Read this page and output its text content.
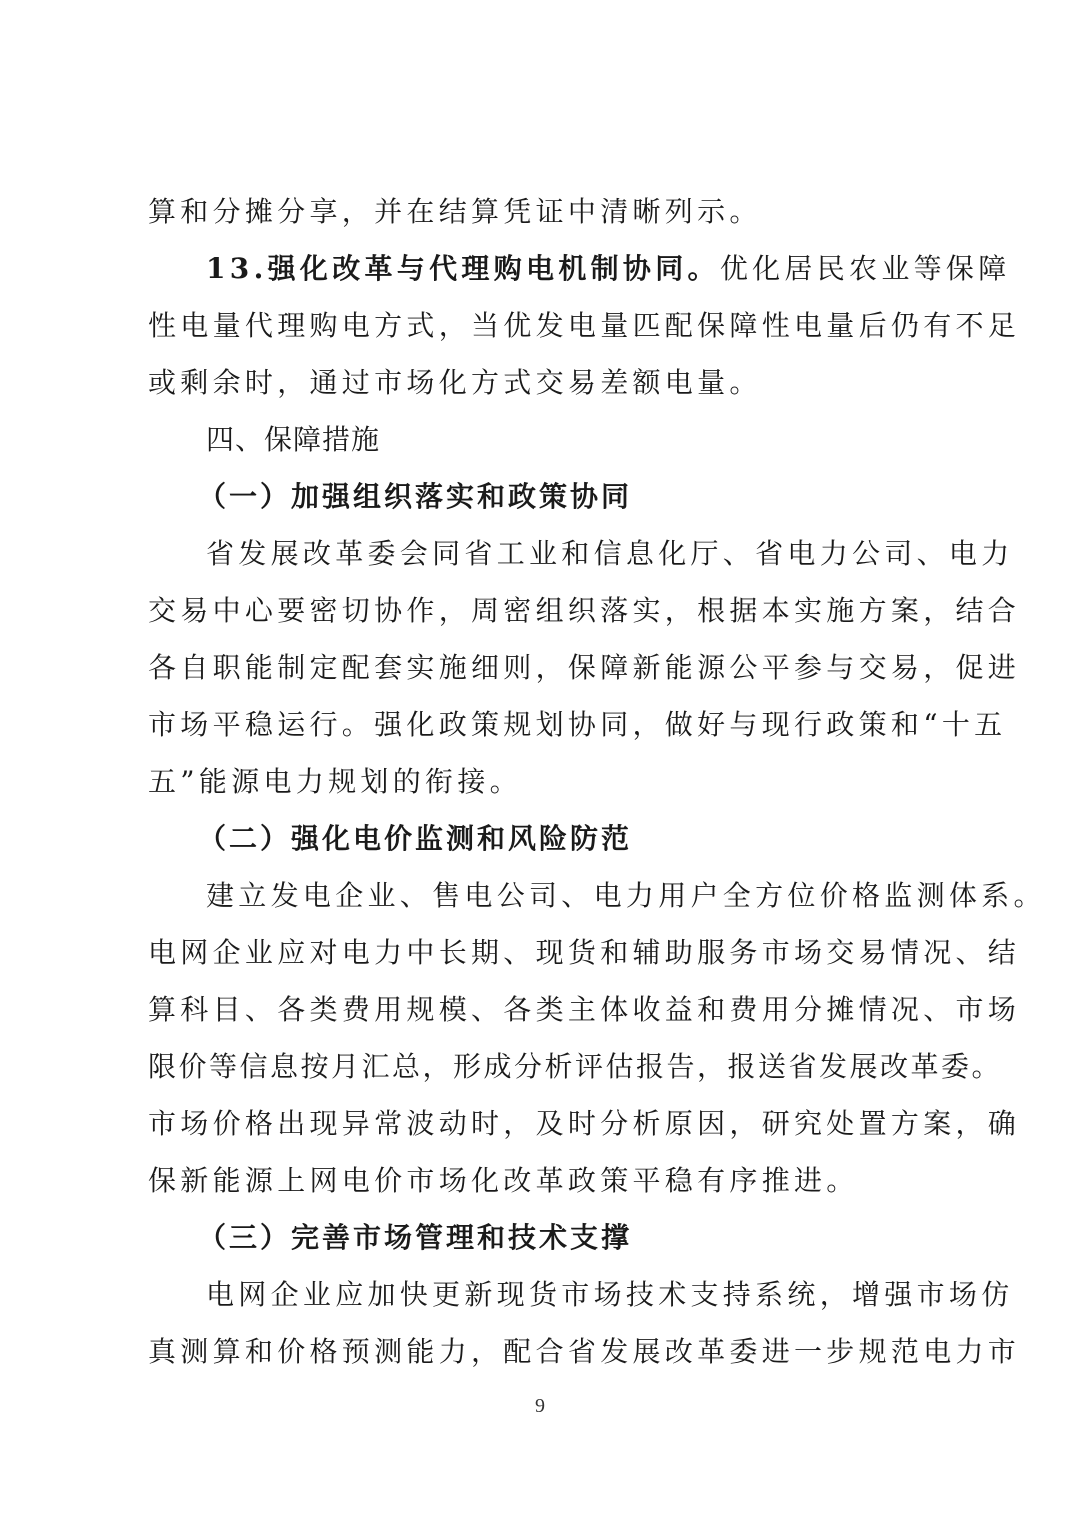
算和分摊分享，并在结算凭证中清晰列示。
13.强化改革与代理购电机制协同。优化居民农业等保障
性电量代理购电方式，当优发电量匹配保障性电量后仍有不足
或剩余时，通过市场化方式交易差额电量。
四、保障措施
（一）加强组织落实和政策协同
省发展改革委会同省工业和信息化厅、省电力公司、电力
交易中心要密切协作，周密组织落实，根据本实施方案，结合
各自职能制定配套实施细则，保障新能源公平参与交易，促进
市场平稳运行。强化政策规划协同，做好与现行政策和“十五
五”能源电力规划的衔接。
（二）强化电价监测和风险防范
建立发电企业、售电公司、电力用户全方位价格监测体系。
电网企业应对电力中长期、现货和辅助服务市场交易情况、结
算科目、各类费用规模、各类主体收益和费用分摊情况、市场
限价等信息按月汇总，形成分析评估报告，报送省发展改革委。
市场价格出现异常波动时，及时分析原因，研究处置方案，确
保新能源上网电价市场化改革政策平稳有序推进。
（三）完善市场管理和技术支撑
电网企业应加快更新现货市场技术支持系统，增强市场仿
真测算和价格预测能力，配合省发展改革委进一步规范电力市
9
